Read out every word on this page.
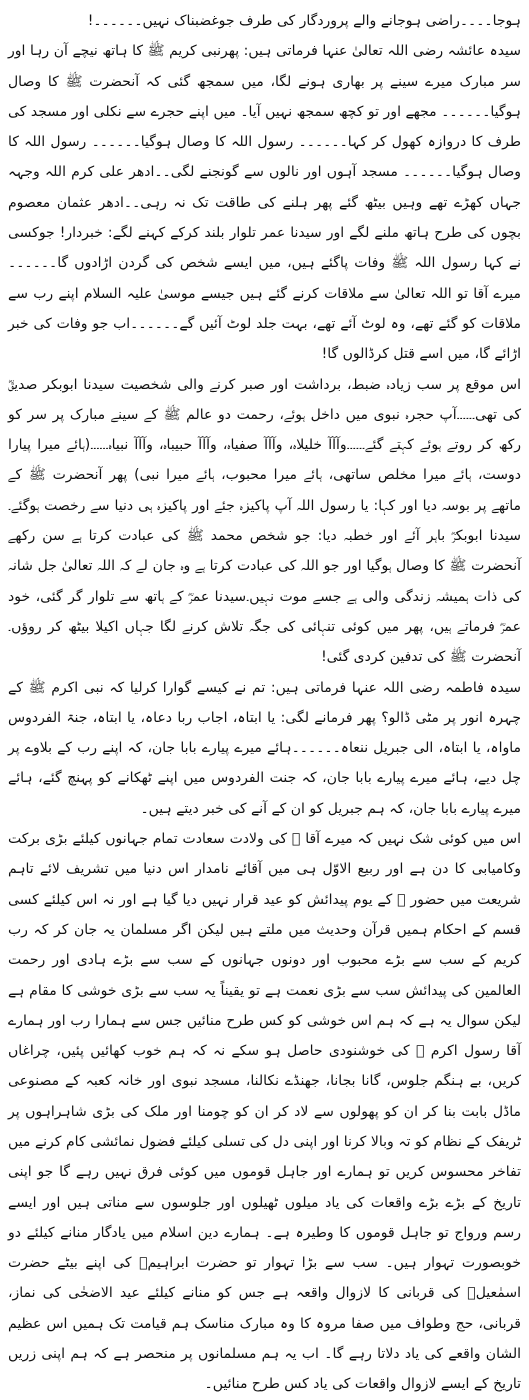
ہوجا۔۔۔۔راضی ہوجانے والے پروردگار کی طرف جوغضبناک نہیں۔۔۔۔۔۔!

سیدہ عائشہ رضی اللہ تعالیٰ عنہا فرماتی ہیں: پھرنبی کریم ﷺ کا ہاتھ نیچے آن رہا اور سر مبارک میرے سینے پر بھاری ہونے لگا، میں سمجھ گئی کہ آنحضرت ﷺ کا وصال ہوگیا۔۔۔۔۔۔ مجھے اور تو کچھ سمجھ نہیں آیا۔ میں اپنے حجرے سے نکلی اور مسجد کی طرف کا دروازہ کھول کر کہا۔۔۔۔۔۔ رسول اللہ کا وصال ہوگیا۔۔۔۔۔۔ رسول اللہ کا وصال ہوگیا۔۔۔۔۔۔ مسجد آہوں اور نالوں سے گونجنے لگی۔۔ادھر علی کرم اللہ وجہہ جہاں کھڑے تھے وہیں بیٹھ گئے پھر ہلنے کی طاقت تک نہ رہی۔۔ادھر عثمان معصوم بچوں کی طرح ہاتھ ملنے لگے اور سیدنا عمر تلوار بلند کرکے کہنے لگے: خبردار! جوکسی نے کہا رسول اللہ ﷺ وفات پاگئے ہیں، میں ایسے شخص کی گردن اڑادوں گا۔۔۔۔۔۔ میرے آقا تو اللہ تعالیٰ سے ملاقات کرنے گئے ہیں جیسے موسیٰ علیہ السلام اپنے رب سے ملاقات کو گئے تھے، وہ لوٹ آئے تھے، بہت جلد لوٹ آئیں گے۔۔۔۔۔۔اب جو وفات کی خبر اڑائے گا، میں اسے قتل کرڈالوں گا!

اس موقع پر سب زیادہ ضبط، برداشت اور صبر کرنے والی شخصیت سیدنا ابوبکر صدیقؓ کی تھی۔۔۔۔۔۔آپ حجرہ نبوی میں داخل ہوئے، رحمت دو عالم ﷺ کے سینے مبارک پر سر کو رکھ کر روتے ہوئے کہتے گئے۔۔۔۔۔۔وآآآ خلیلاہ، وآآآ صفیاہ، وآآآ حبیباہ، وآآآ نبیاہ۔۔۔۔۔۔(ہائے میرا پیارا دوست، ہائے میرا مخلص ساتھی، ہائے میرا محبوب، ہائے میرا نبی) پھر آنحضرت ﷺ کے ماتھے پر بوسہ دیا اور کہا: یا رسول اللہ آپ پاکیزہ جئے اور پاکیزہ ہی دنیا سے رخصت ہوگئے۔سیدنا ابوبکرؓ باہر آئے اور خطبہ دیا: جو شخص محمد ﷺ کی عبادت کرتا ہے سن رکھے آنحضرت ﷺ کا وصال ہوگیا اور جو اللہ کی عبادت کرتا ہے وہ جان لے کہ اللہ تعالیٰ جل شانہ کی ذات ہمیشہ زندگی والی ہے جسے موت نہیں۔سیدنا عمرؓ کے ہاتھ سے تلوار گر گئی، خود عمرؓ فرماتے ہیں، پھر میں کوئی تنہائی کی جگہ تلاش کرنے لگا جہاں اکیلا بیٹھ کر روؤں۔آنحضرت ﷺ کی تدفین کردی گئی!

سیدہ فاطمہ رضی اللہ عنہا فرماتی ہیں: تم نے کیسے گوارا کرلیا کہ نبی اکرم ﷺ کے چہرہ انور پر مٹی ڈالو؟ پھر فرمانے لگی: یا ابتاہ، اجاب ربا دعاہ، یا ابتاہ، جنۃ الفردوس ماواہ، یا ابتاہ، الی جبریل ننعاہ۔۔۔۔۔۔ہائے میرے پیارے بابا جان، کہ اپنے رب کے بلاوے پر چل دیے، ہائے میرے پیارے بابا جان، کہ جنت الفردوس میں اپنے ٹھکانے کو پہنچ گئے، ہائے میرے پیارے بابا جان، کہ ہم جبریل کو ان کے آنے کی خبر دیتے ہیں۔

اس میں کوئی شک نہیں کہ میرے آقا ﷺ کی ولادت سعادت تمام جہانوں کیلئے بڑی برکت وکامیابی کا دن ہے اور ربیع الاوّل ہی میں آقائے نامدار اس دنیا میں تشریف لائے تاہم شریعت میں حضور ﷺ کے یوم پیدائش کو عید قرار نہیں دیا گیا ہے اور نہ اس کیلئے کسی قسم کے احکام ہمیں قرآن وحدیث میں ملتے ہیں لیکن اگر مسلمان یہ جان کر کہ رب کریم کے سب سے بڑے محبوب اور دونوں جہانوں کے سب سے بڑے ہادی اور رحمت العالمین کی پیدائش سب سے بڑی نعمت ہے تو یقیناً یہ سب سے بڑی خوشی کا مقام ہے لیکن سوال یہ ہے کہ ہم اس خوشی کو کس طرح منائیں جس سے ہمارا رب اور ہمارے آقا رسول اکرم ﷺ کی خوشنودی حاصل ہو سکے نہ کہ ہم خوب کھائیں پئیں، چراغاں کریں، بے ہنگم جلوس، گانا بجانا، جھنڈے نکالنا، مسجد نبوی اور خانہ کعبہ کے مصنوعی ماڈل بابت بنا کر ان کو پھولوں سے لاد کر ان کو چومنا اور ملک کی بڑی شاہراہوں پر ٹریفک کے نظام کو تہ وبالا کرنا اور اپنی دل کی تسلی کیلئے فضول نمائشی کام کرنے میں تفاخر محسوس کریں تو ہمارے اور جاہل قوموں میں کوئی فرق نہیں رہے گا جو اپنی تاریخ کے بڑے بڑے واقعات کی یاد میلوں ٹھیلوں اور جلوسوں سے مناتی ہیں اور ایسے رسم ورواج تو جاہل قوموں کا وطیرہ ہے۔ ہمارے دین اسلام میں یادگار منانے کیلئے دو خوبصورت تہوار ہیں۔ سب سے بڑا تہوار تو حضرت ابراہیمؑ کی اپنے بیٹے حضرت اسمٰعیلؑ کی قربانی کا لازوال واقعہ ہے جس کو منانے کیلئے عید الاضحٰی کی نماز، قربانی، حج وطواف میں صفا مروہ کا وہ مبارک مناسک ہم قیامت تک ہمیں اس عظیم الشان واقعے کی یاد دلاتا رہے گا۔ اب یہ ہم مسلمانوں پر منحصر ہے کہ ہم اپنی زریں تاریخ کے ایسے لازوال واقعات کی یاد کس طرح منائیں۔
